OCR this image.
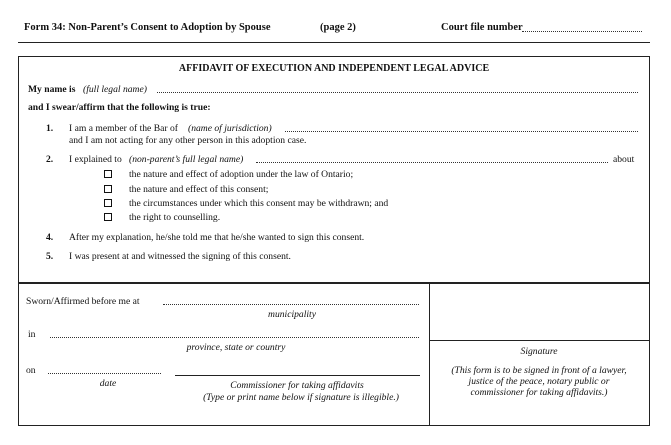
Form 34: Non-Parent’s Consent to Adoption by Spouse	(page 2)	Court file number
AFFIDAVIT OF EXECUTION AND INDEPENDENT LEGAL ADVICE
My name is (full legal name)
and I swear/affirm that the following is true:
1. I am a member of the Bar of (name of jurisdiction)
and I am not acting for any other person in this adoption case.
2. I explained to (non-parent’s full legal name)	about
the nature and effect of adoption under the law of Ontario;
the nature and effect of this consent;
the circumstances under which this consent may be withdrawn; and
the right to counselling.
4. After my explanation, he/she told me that he/she wanted to sign this consent.
5. I was present at and witnessed the signing of this consent.
Sworn/Affirmed before me at
municipality
in
province, state or country
on
date	Commissioner for taking affidavits
(Type or print name below if signature is illegible.)
Signature
(This form is to be signed in front of a lawyer,
justice of the peace, notary public or
commissioner for taking affidavits.)
